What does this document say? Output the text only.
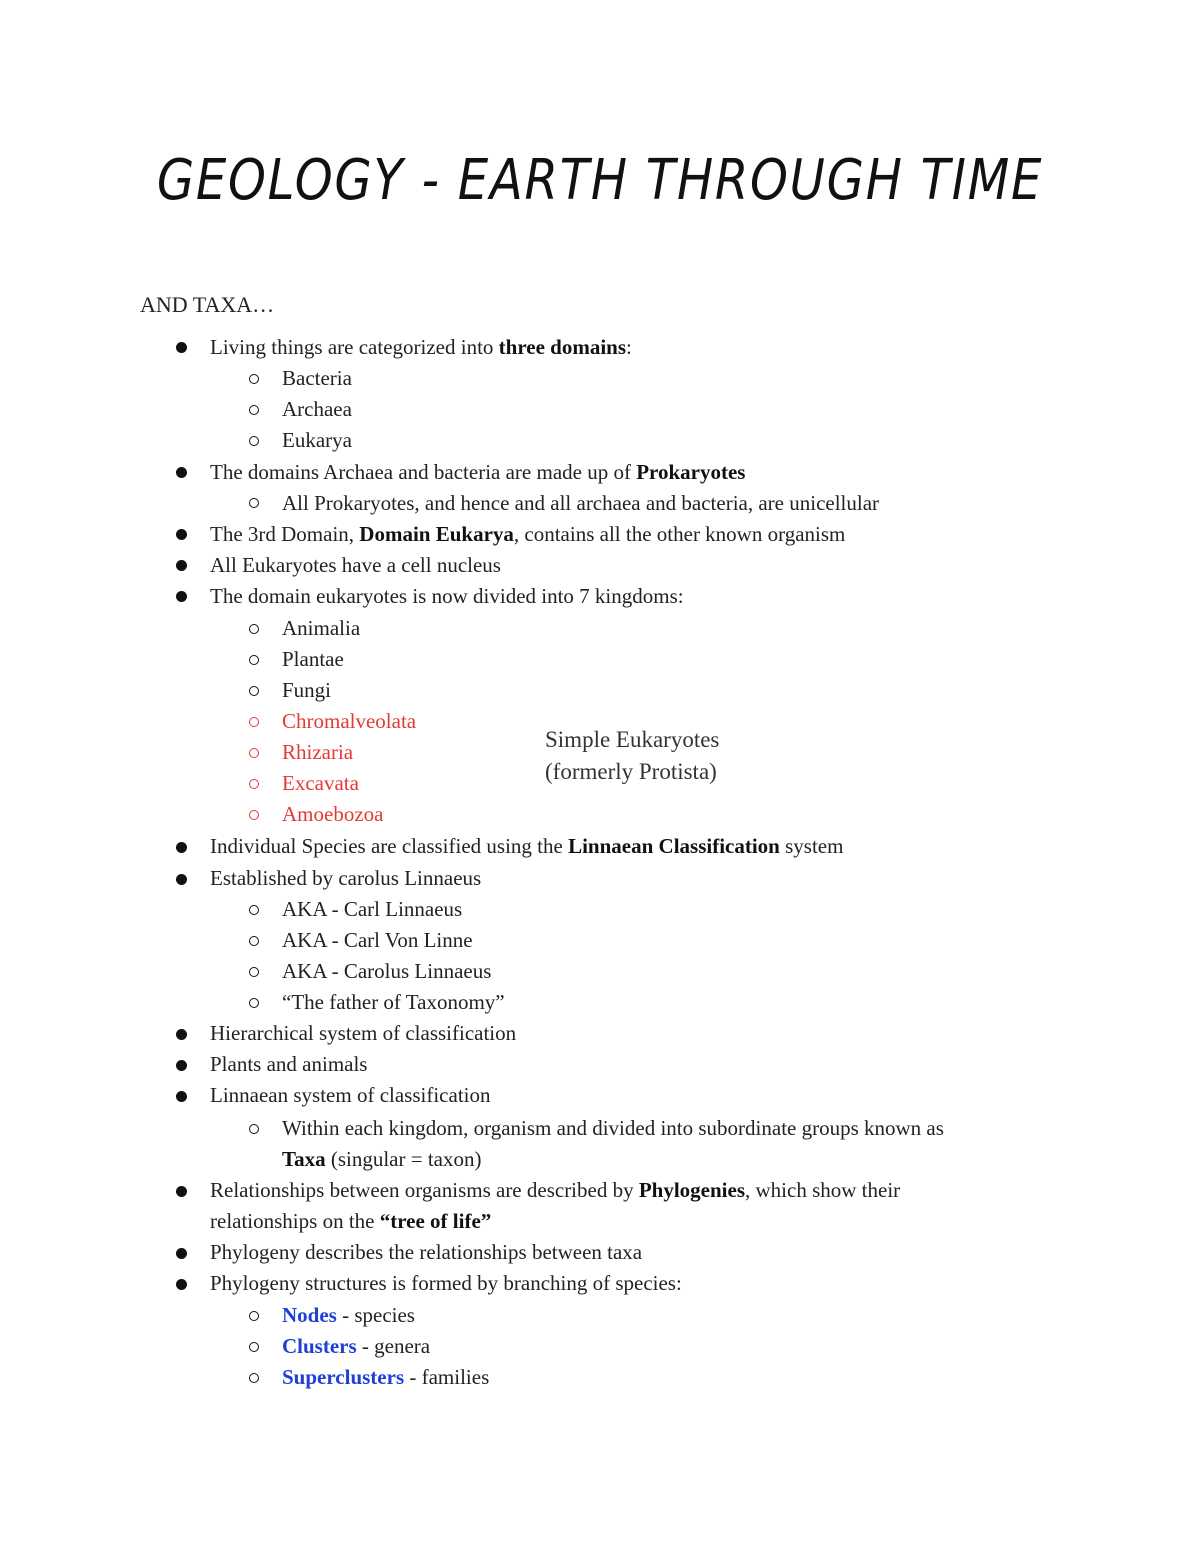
GEOLOGY - EARTH THROUGH TIME
AND TAXA…
Living things are categorized into three domains:
Bacteria
Archaea
Eukarya
The domains Archaea and bacteria are made up of Prokaryotes
All Prokaryotes, and hence and all archaea and bacteria, are unicellular
The 3rd Domain, Domain Eukarya, contains all the other known organism
All Eukaryotes have a cell nucleus
The domain eukaryotes is now divided into 7 kingdoms:
Animalia
Plantae
Fungi
Chromalveolata
Rhizaria
Excavata
Amoebozoa
Simple Eukaryotes
(formerly Protista)
Individual Species are classified using the Linnaean Classification system
Established by carolus Linnaeus
AKA - Carl Linnaeus
AKA - Carl Von Linne
AKA - Carolus Linnaeus
“The father of Taxonomy”
Hierarchical system of classification
Plants and animals
Linnaean system of classification
Within each kingdom, organism and divided into subordinate groups known as
Taxa (singular = taxon)
Relationships between organisms are described by Phylogenies, which show their
relationships on the “tree of life”
Phylogeny describes the relationships between taxa
Phylogeny structures is formed by branching of species:
Nodes - species
Clusters - genera
Superclusters - families
